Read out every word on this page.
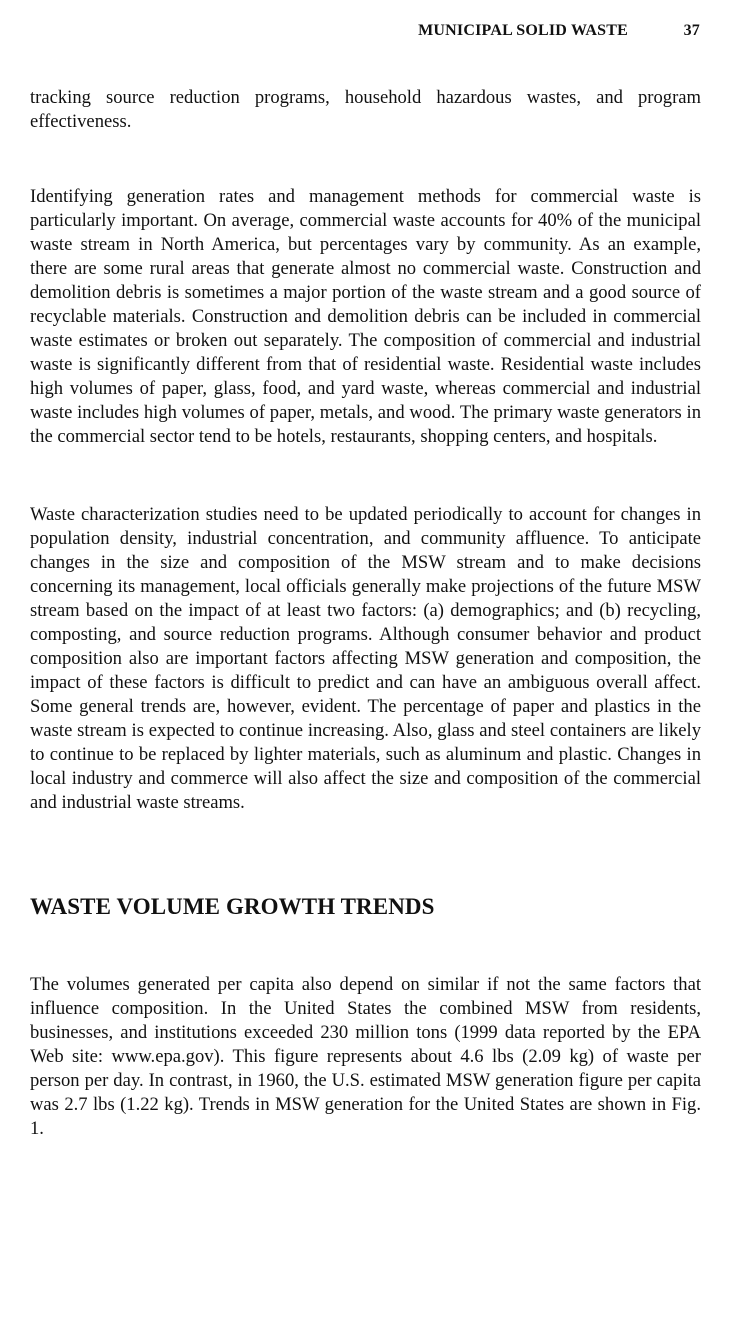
MUNICIPAL SOLID WASTE	37

tracking source reduction programs, household hazardous wastes, and program effectiveness.

Identifying generation rates and management methods for commercial waste is particularly important. On average, commercial waste accounts for 40% of the municipal waste stream in North America, but percentages vary by community. As an example, there are some rural areas that generate almost no commercial waste. Construction and demolition debris is sometimes a major portion of the waste stream and a good source of recyclable materials. Construction and demolition debris can be included in commercial waste estimates or broken out separately. The composition of commercial and industrial waste is significantly different from that of residential waste. Residential waste includes high volumes of paper, glass, food, and yard waste, whereas commercial and industrial waste includes high volumes of paper, metals, and wood. The primary waste generators in the commercial sector tend to be hotels, restaurants, shopping centers, and hospitals.

Waste characterization studies need to be updated periodically to account for changes in population density, industrial concentration, and community affluence. To anticipate changes in the size and composition of the MSW stream and to make decisions concerning its management, local officials generally make projections of the future MSW stream based on the impact of at least two factors: (a) demographics; and (b) recycling, composting, and source reduction programs. Although consumer behavior and product composition also are important factors affecting MSW generation and composition, the impact of these factors is difficult to predict and can have an ambiguous overall affect. Some general trends are, however, evident. The percentage of paper and plastics in the waste stream is expected to continue increasing. Also, glass and steel containers are likely to continue to be replaced by lighter materials, such as aluminum and plastic. Changes in local industry and commerce will also affect the size and composition of the commercial and industrial waste streams.

WASTE VOLUME GROWTH TRENDS

The volumes generated per capita also depend on similar if not the same factors that influence composition. In the United States the combined MSW from residents, businesses, and institutions exceeded 230 million tons (1999 data reported by the EPA Web site: www.epa.gov). This figure represents about 4.6 lbs (2.09 kg) of waste per person per day. In contrast, in 1960, the U.S. estimated MSW generation figure per capita was 2.7 lbs (1.22 kg). Trends in MSW generation for the United States are shown in Fig. 1.
